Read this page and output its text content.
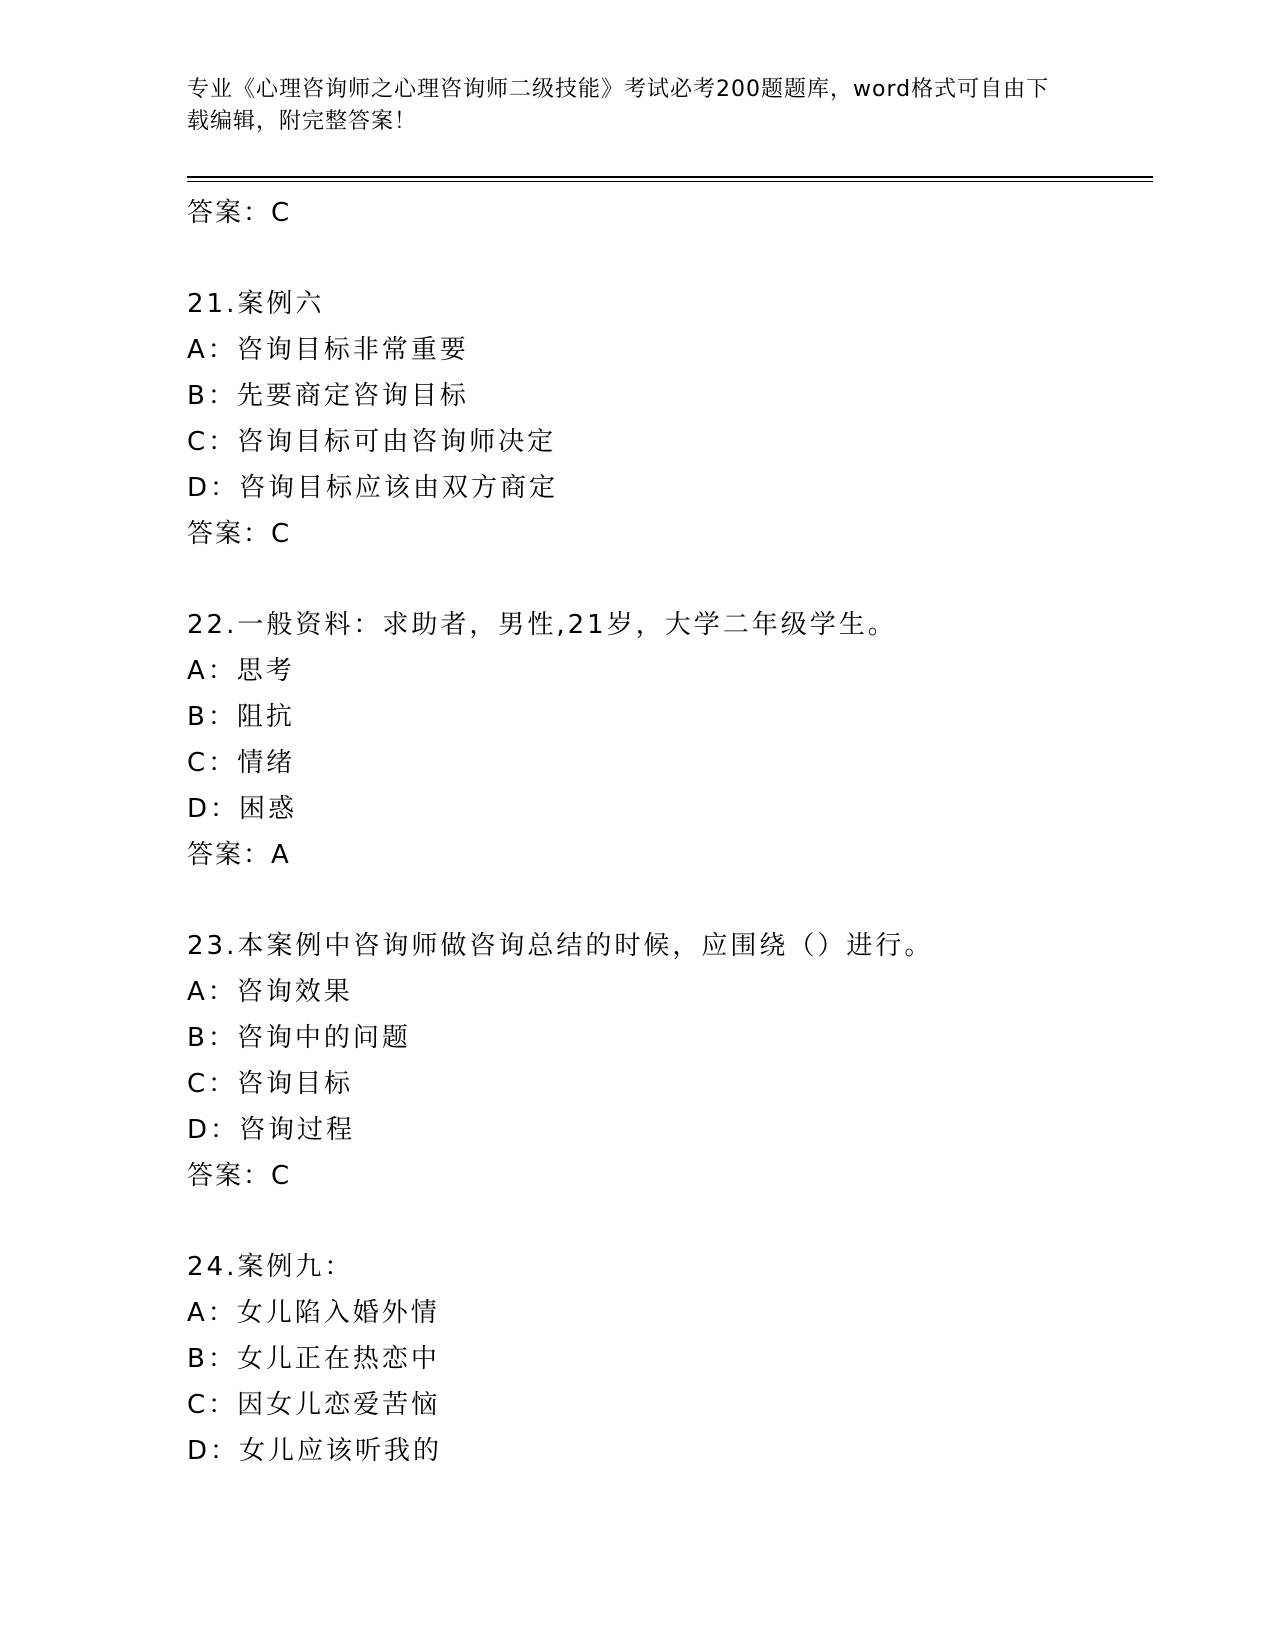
专业《心理咨询师之心理咨询师二级技能》考试必考200题题库，word格式可自由下载编辑，附完整答案！
答案：C
21.案例六
A：咨询目标非常重要
B：先要商定咨询目标
C：咨询目标可由咨询师决定
D：咨询目标应该由双方商定
答案：C
22.一般资料：求助者，男性,21岁，大学二年级学生。
A：思考
B：阻抗
C：情绪
D：困惑
答案：A
23.本案例中咨询师做咨询总结的时候，应围绕（）进行。
A：咨询效果
B：咨询中的问题
C：咨询目标
D：咨询过程
答案：C
24.案例九：
A：女儿陷入婚外情
B：女儿正在热恋中
C：因女儿恋爱苦恼
D：女儿应该听我的
